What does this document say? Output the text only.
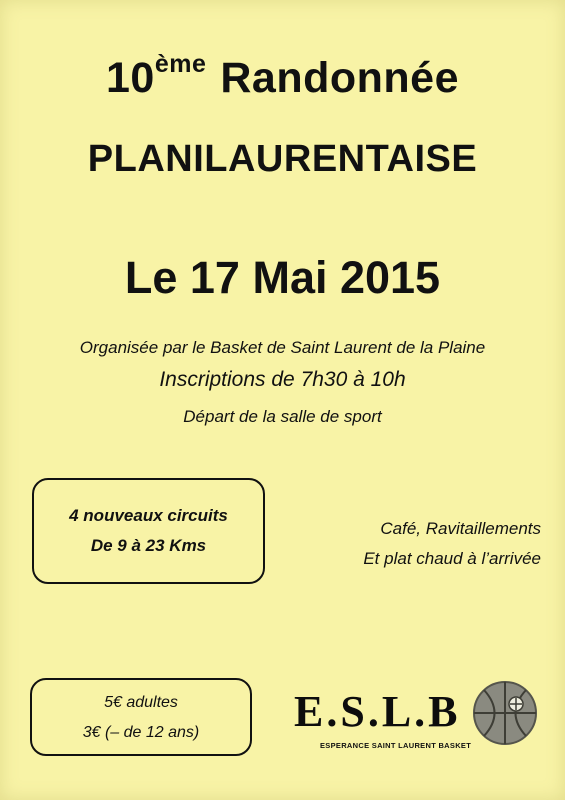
10ème Randonnée
PLANILAURENTAISE
Le 17 Mai 2015
Organisée par le Basket de Saint Laurent de la Plaine
Inscriptions de 7h30 à 10h
Départ de la salle de sport
4 nouveaux circuits
De 9 à 23 Kms
Café, Ravitaillements
Et plat chaud à l’arrivée
5€ adultes
3€ (– de 12 ans)	E.S.L.B
ESPERANCE SAINT LAURENT BASKET
